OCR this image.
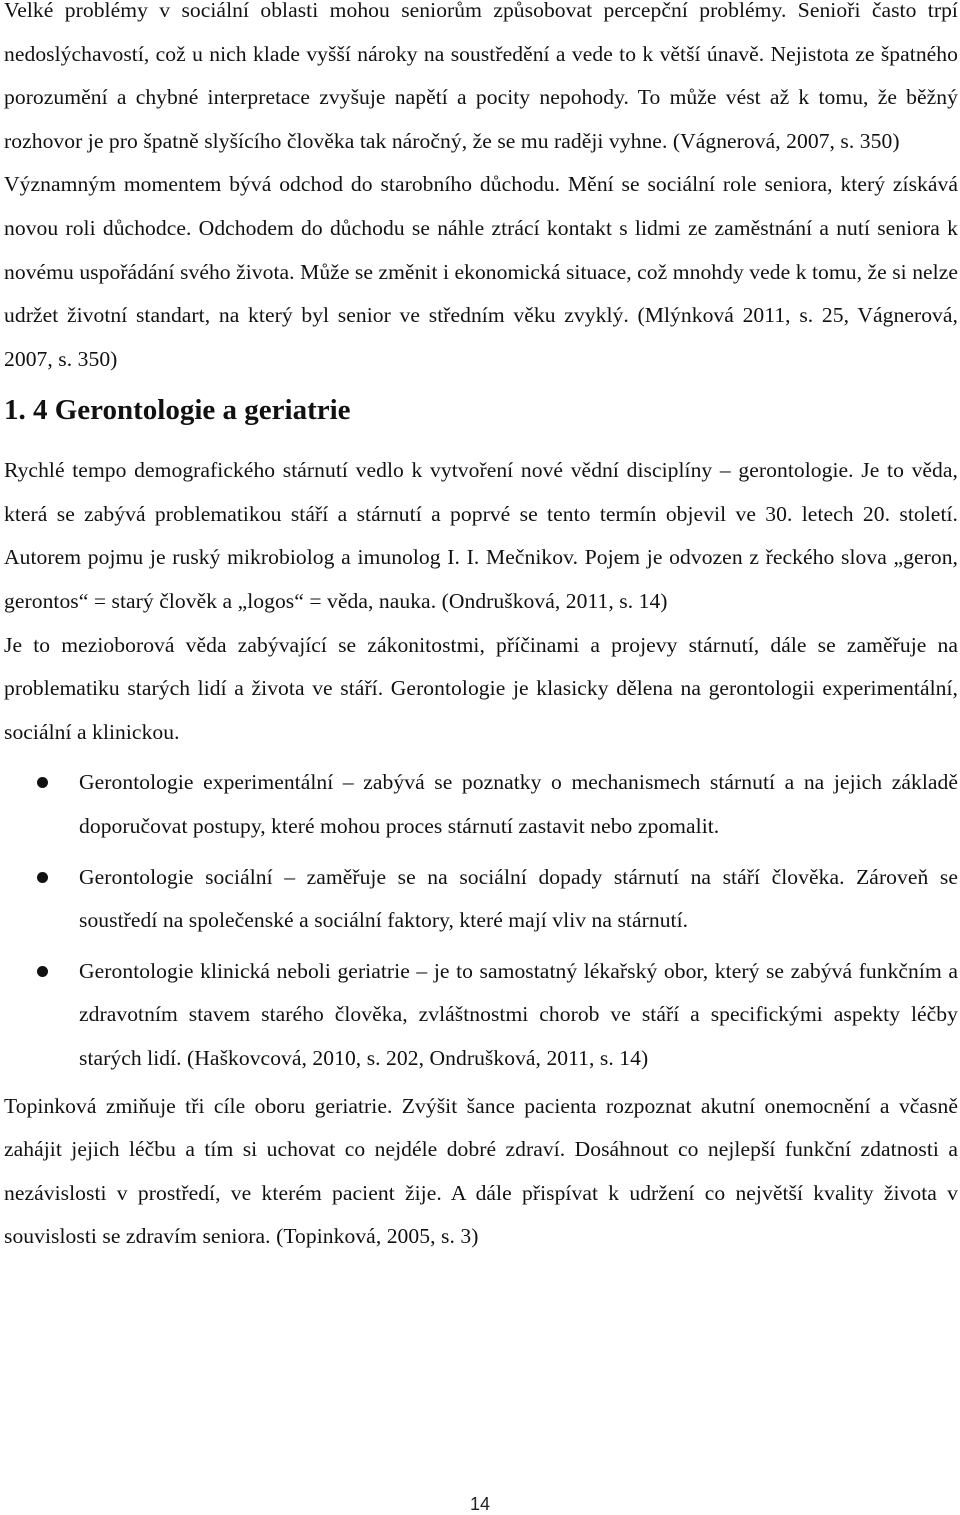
Velké problémy v sociální oblasti mohou seniorům způsobovat percepční problémy. Senioři často trpí nedoslýchavostí, což u nich klade vyšší nároky na soustředění a vede to k větší únavě. Nejistota ze špatného porozumění a chybné interpretace zvyšuje napětí a pocity nepohody. To může vést až k tomu, že běžný rozhovor je pro špatně slyšícího člověka tak náročný, že se mu raději vyhne. (Vágnerová, 2007, s. 350)

Významným momentem bývá odchod do starobního důchodu. Mění se sociální role seniora, který získává novou roli důchodce. Odchodem do důchodu se náhle ztrácí kontakt s lidmi ze zaměstnání a nutí seniora k novému uspořádání svého života. Může se změnit i ekonomická situace, což mnohdy vede k tomu, že si nelze udržet životní standart, na který byl senior ve středním věku zvyklý. (Mlýnková 2011, s. 25, Vágnerová, 2007, s. 350)

1. 4 Gerontologie a geriatrie

Rychlé tempo demografického stárnutí vedlo k vytvoření nové vědní disciplíny – gerontologie. Je to věda, která se zabývá problematikou stáří a stárnutí a poprvé se tento termín objevil ve 30. letech 20. století. Autorem pojmu je ruský mikrobiolog a imunolog I. I. Mečnikov. Pojem je odvozen z řeckého slova „geron, gerontos“ = starý člověk a „logos“ = věda, nauka. (Ondrušková, 2011, s. 14)

Je to mezioborová věda zabývající se zákonitostmi, příčinami a projevy stárnutí, dále se zaměřuje na problematiku starých lidí a života ve stáří. Gerontologie je klasicky dělena na gerontologii experimentální, sociální a klinickou.

Gerontologie experimentální – zabývá se poznatky o mechanismech stárnutí a na jejich základě doporučovat postupy, které mohou proces stárnutí zastavit nebo zpomalit.

Gerontologie sociální – zaměřuje se na sociální dopady stárnutí na stáří člověka. Zároveň se soustředí na společenské a sociální faktory, které mají vliv na stárnutí.

Gerontologie klinická neboli geriatrie – je to samostatný lékařský obor, který se zabývá funkčním a zdravotním stavem starého člověka, zvláštnostmi chorob ve stáří a specifickými aspekty léčby starých lidí. (Haškovcová, 2010, s. 202, Ondrušková, 2011, s. 14)

Topinková zmiňuje tři cíle oboru geriatrie. Zvýšit šance pacienta rozpoznat akutní onemocnění a včasně zahájit jejich léčbu a tím si uchovat co nejdéle dobré zdraví. Dosáhnout co nejlepší funkční zdatnosti a nezávislosti v prostředí, ve kterém pacient žije. A dále přispívat k udržení co největší kvality života v souvislosti se zdravím seniora. (Topinková, 2005, s. 3)

14
